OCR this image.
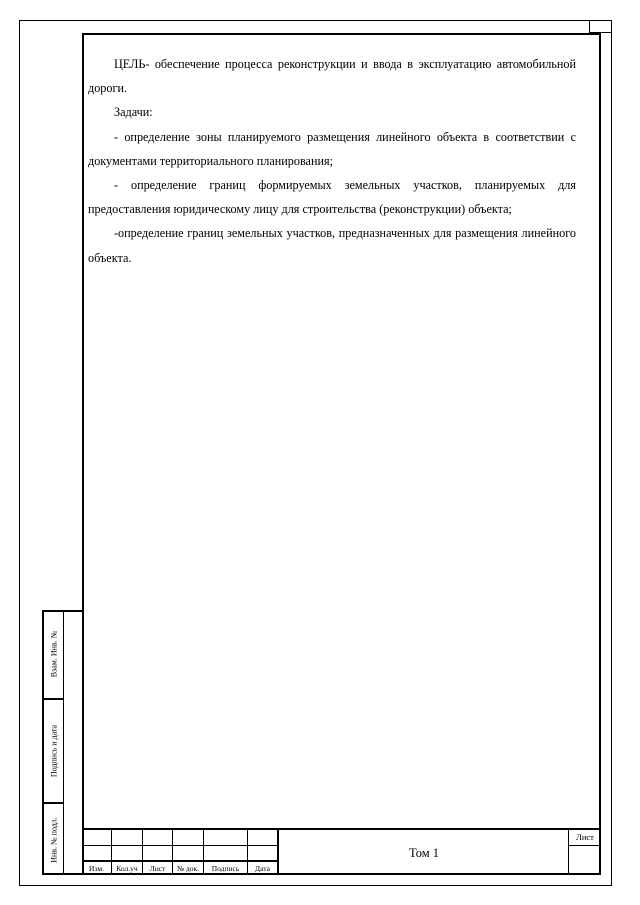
ЦЕЛЬ- обеспечение процесса реконструкции и ввода в эксплуатацию автомобильной дороги.

Задачи:

- определение зоны планируемого размещения линейного объекта в соответствии с документами территориального планирования;

- определение границ формируемых земельных участков, планируемых для предоставления юридическому лицу для строительства (реконструкции) объекта;

-определение границ земельных участков, предназначенных для размещения линейного объекта.

Взам. Инв. №
Подпись и дата
Инв. № подл.
Изм.	Кол.уч	Лист	№ док.	Подпись	Дата
Том 1
Лист
